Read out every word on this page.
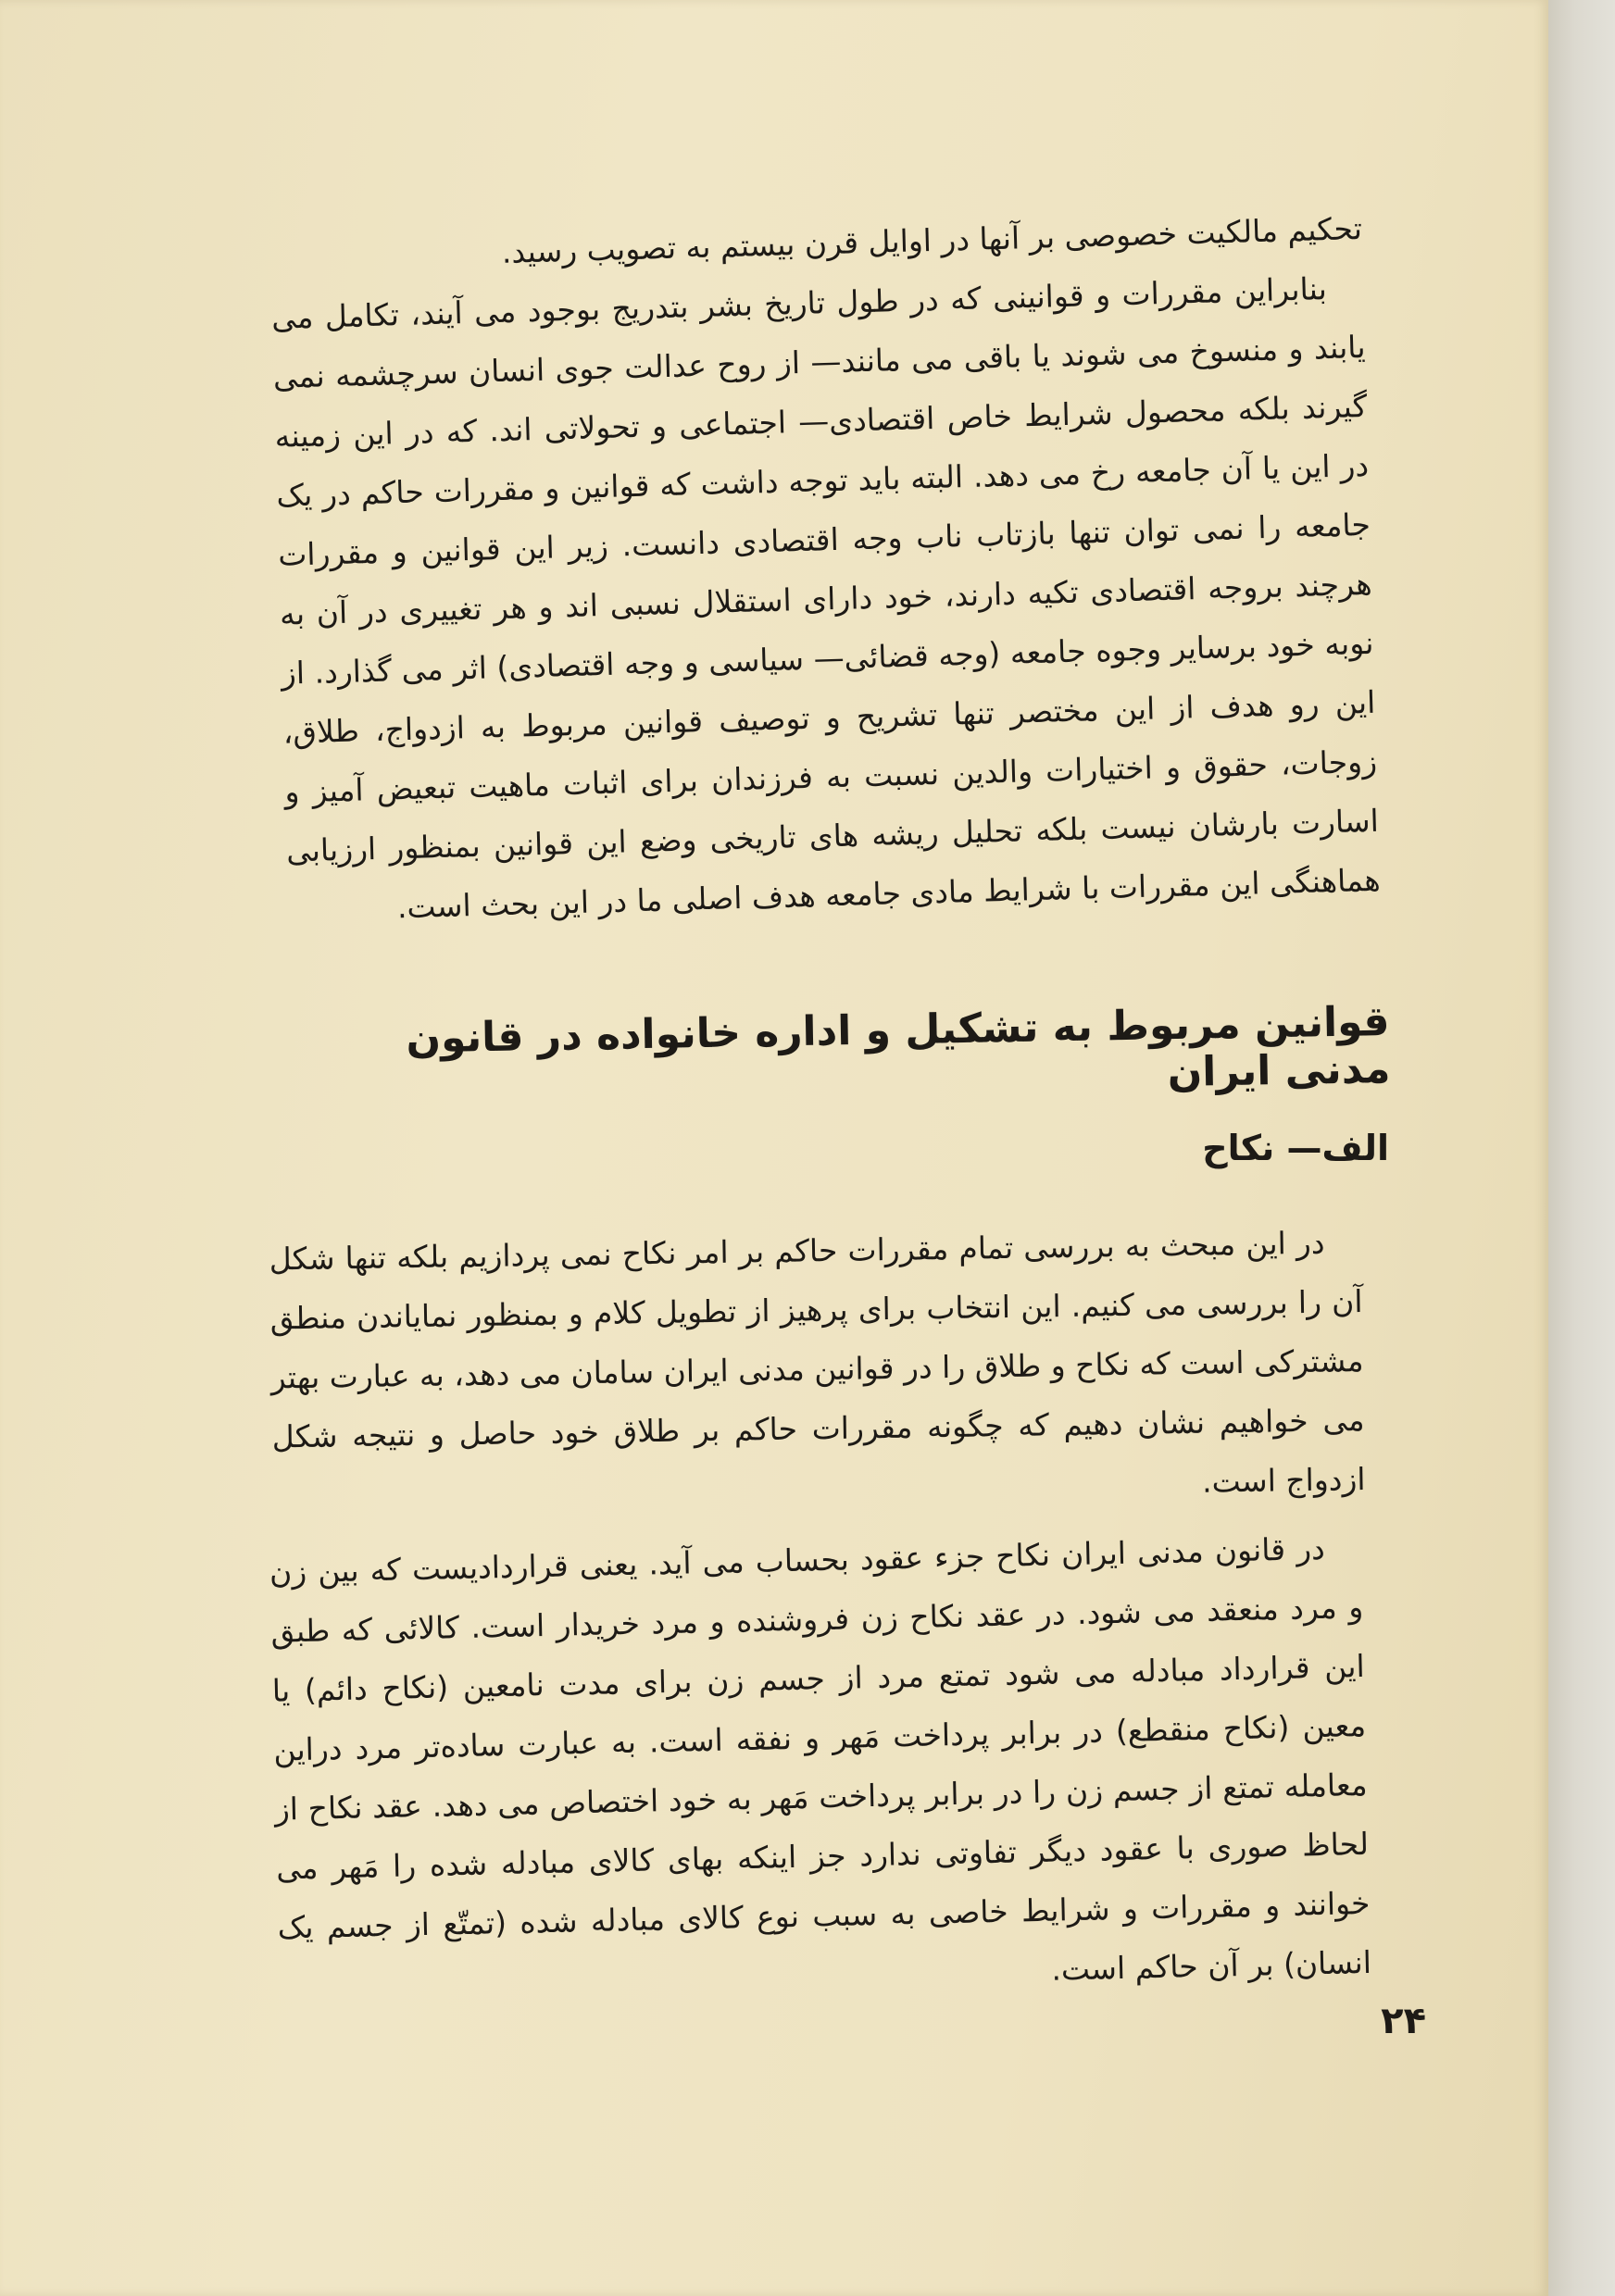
تحکیم مالکیت خصوصی بر آنها در اوایل قرن بیستم به تصویب رسید.

بنابراین مقررات و قوانینی که در طول تاریخ بشر بتدریج بوجود می آیند، تکامل می یابند و منسوخ می شوند یا باقی می مانند— از روح عدالت جوی انسان سرچشمه نمی گیرند بلکه محصول شرایط خاص اقتصادی— اجتماعی و تحولاتی اند. که در این زمینه در این یا آن جامعه رخ می دهد. البته باید توجه داشت که قوانین و مقررات حاکم در یک جامعه را نمی توان تنها بازتاب ناب وجه اقتصادی دانست. زیر این قوانین و مقررات هرچند بروجه اقتصادی تکیه دارند، خود دارای استقلال نسبی اند و هر تغییری در آن به نوبه خود برسایر وجوه جامعه (وجه قضائی— سیاسی و وجه اقتصادی) اثر می گذارد. از این رو هدف از این مختصر تنها تشریح و توصیف قوانین مربوط به ازدواج، طلاق، زوجات، حقوق و اختیارات والدین نسبت به فرزندان برای اثبات ماهیت تبعیض آمیز و اسارت بارشان نیست بلکه تحلیل ریشه های تاریخی وضع این قوانین بمنظور ارزیابی هماهنگی این مقررات با شرایط مادی جامعه هدف اصلی ما در این بحث است.

قوانین مربوط به تشکیل و اداره خانواده در قانون مدنی ایران
الف— نکاح

در این مبحث به بررسی تمام مقررات حاکم بر امر نکاح نمی پردازیم بلکه تنها شکل آن را بررسی می کنیم. این انتخاب برای پرهیز از تطویل کلام و بمنظور نمایاندن منطق مشترکی است که نکاح و طلاق را در قوانین مدنی ایران سامان می دهد، به عبارت بهتر می خواهیم نشان دهیم که چگونه مقررات حاکم بر طلاق خود حاصل و نتیجه شکل ازدواج است.

در قانون مدنی ایران نکاح جزء عقود بحساب می آید. یعنی قراردادیست که بین زن و مرد منعقد می شود. در عقد نکاح زن فروشنده و مرد خریدار است. کالائی که طبق این قرارداد مبادله می شود تمتع مرد از جسم زن برای مدت نامعین (نکاح دائم) یا معین (نکاح منقطع) در برابر پرداخت مَهر و نفقه است. به عبارت ساده‌تر مرد دراین معامله تمتع از جسم زن را در برابر پرداخت مَهر به خود اختصاص می دهد. عقد نکاح از لحاظ صوری با عقود دیگر تفاوتی ندارد جز اینکه بهای کالای مبادله شده را مَهر می خوانند و مقررات و شرایط خاصی به سبب نوع کالای مبادله شده (تمتّع از جسم یک انسان) بر آن حاکم است.

۲۴
